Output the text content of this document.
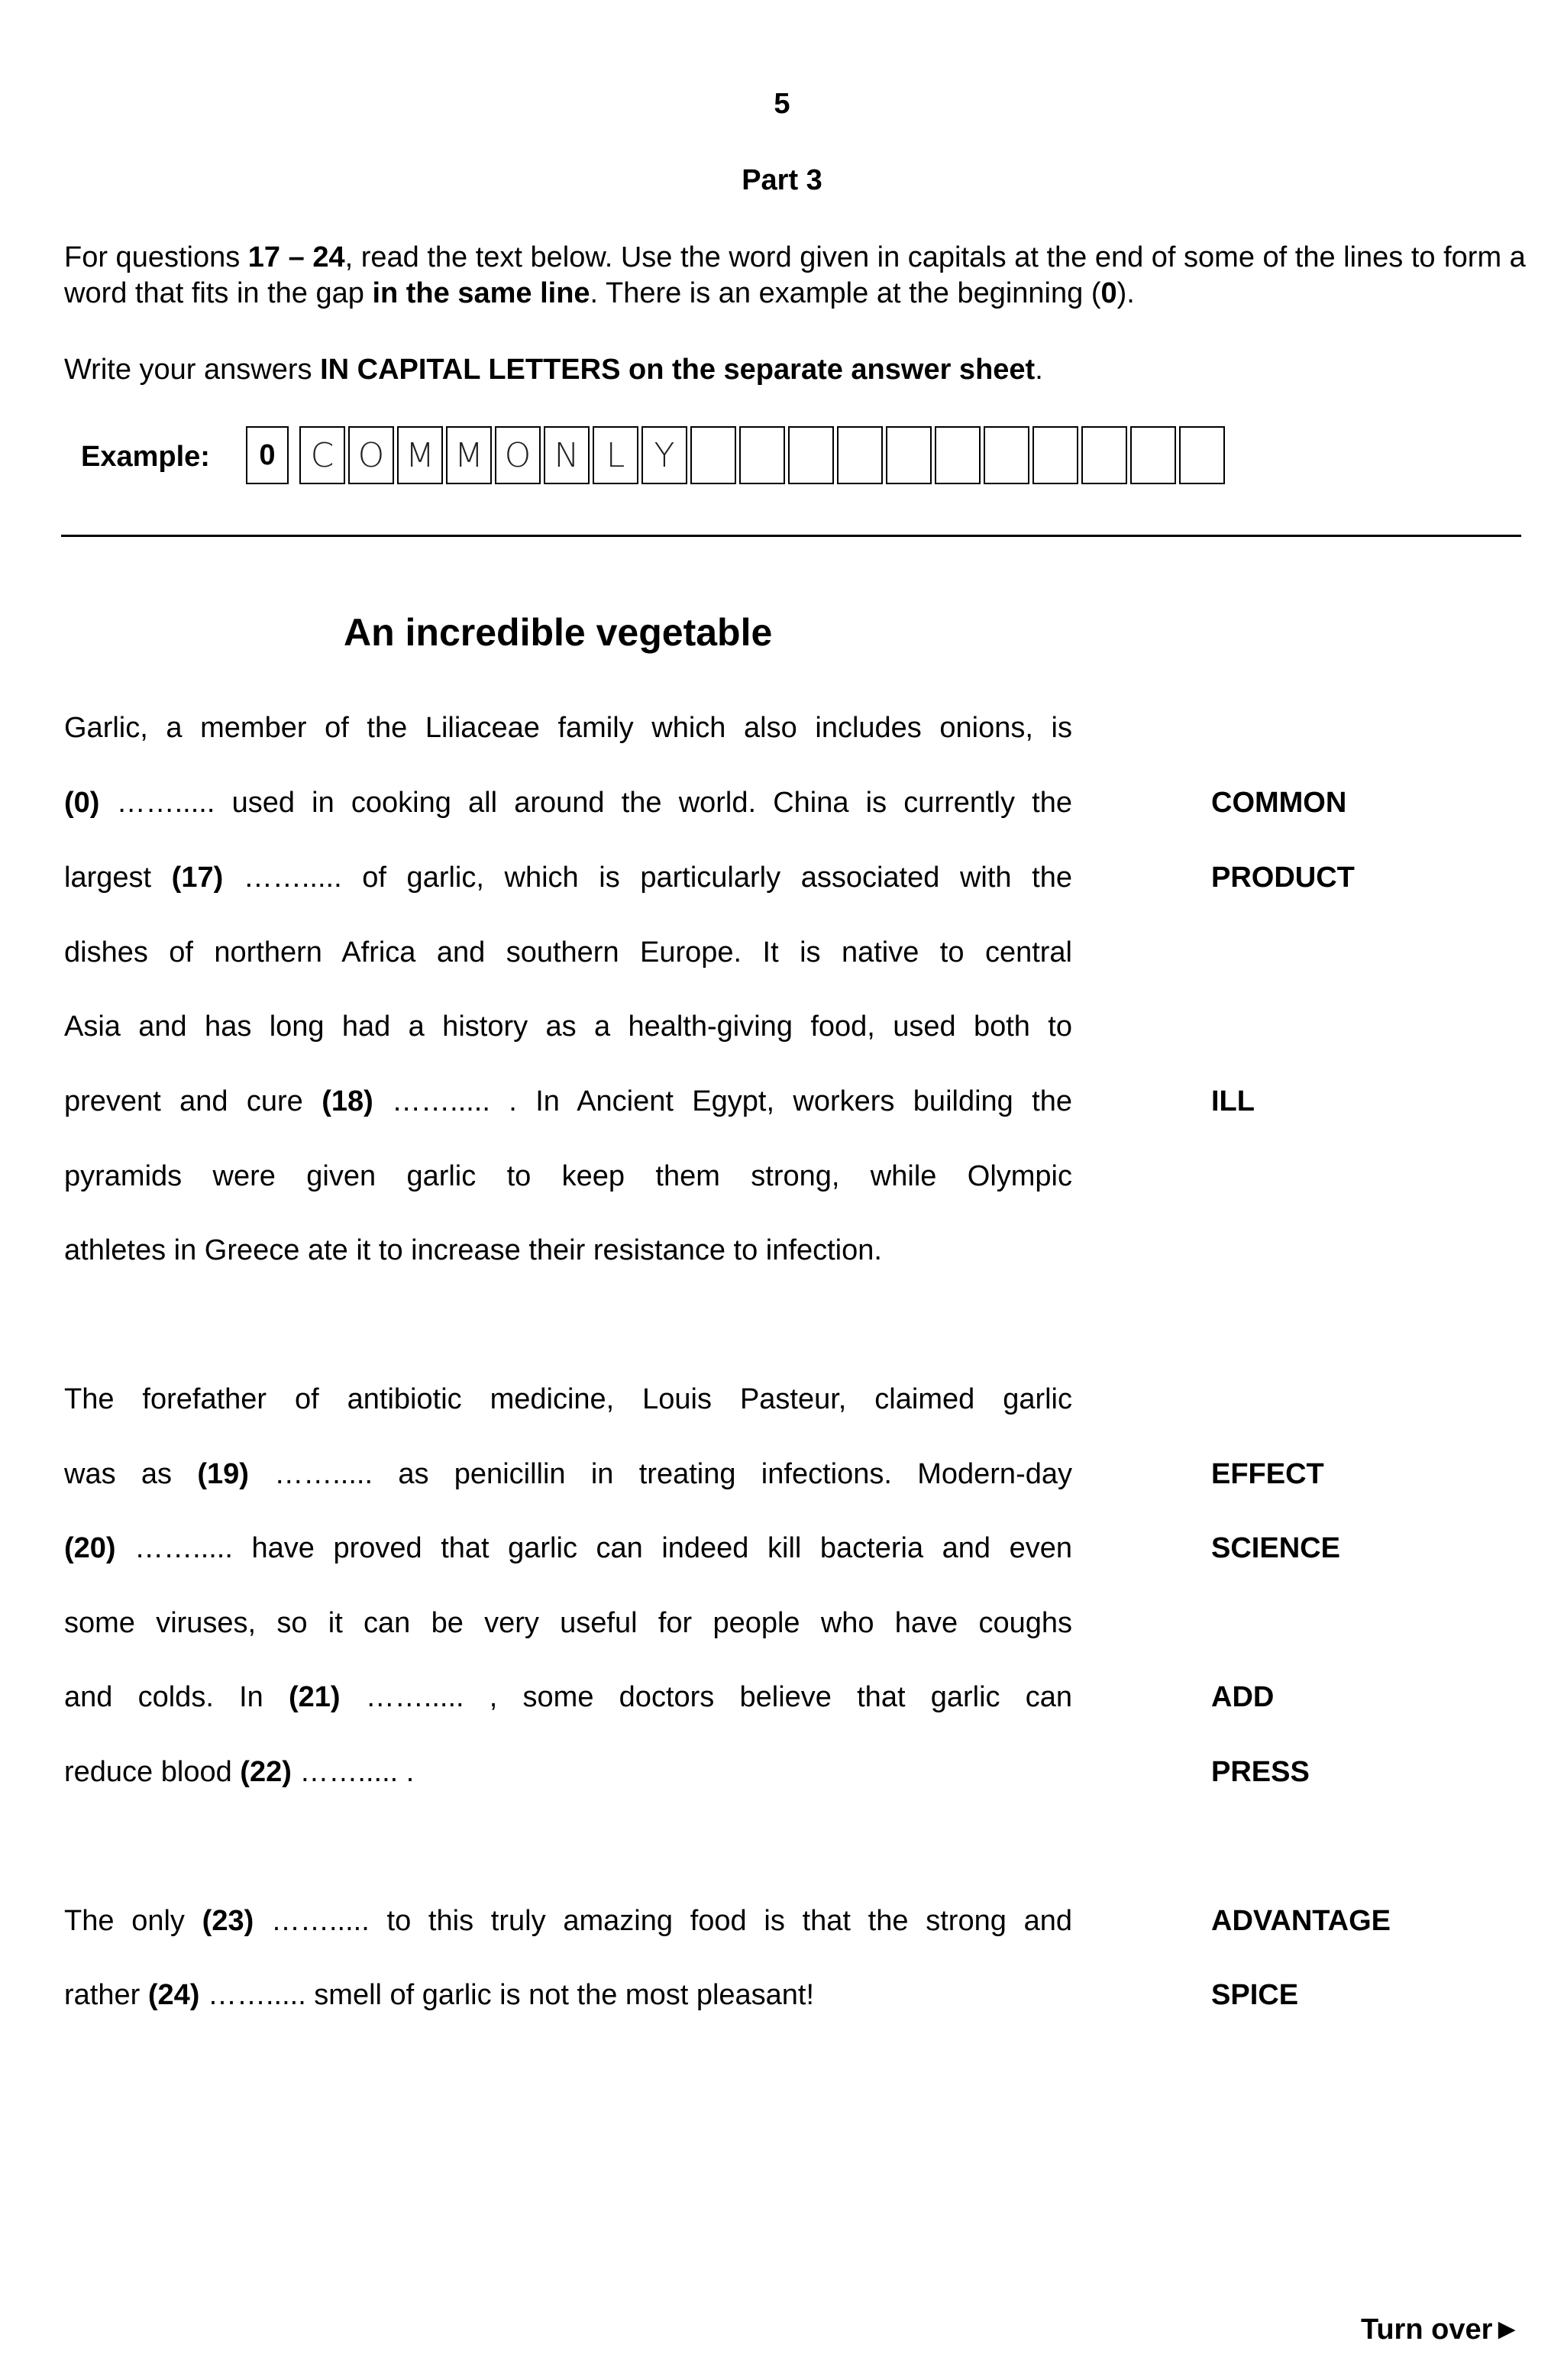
5
Part 3
For questions 17 – 24, read the text below. Use the word given in capitals at the end of some of the lines to form a word that fits in the gap in the same line. There is an example at the beginning (0).
Write your answers IN CAPITAL LETTERS on the separate answer sheet.
Example:	0	C O M M O N L Y
An incredible vegetable
Garlic, a member of the Liliaceae family which also includes onions, is
(0) ……..... used in cooking all around the world. China is currently the
largest (17) ……..... of garlic, which is particularly associated with the
dishes of northern Africa and southern Europe. It is native to central
Asia and has long had a history as a health-giving food, used both to
prevent and cure (18) ……..... . In Ancient Egypt, workers building the
pyramids were given garlic to keep them strong, while Olympic
athletes in Greece ate it to increase their resistance to infection.
The forefather of antibiotic medicine, Louis Pasteur, claimed garlic
was as (19) ……..... as penicillin in treating infections. Modern-day
(20) ……..... have proved that garlic can indeed kill bacteria and even
some viruses, so it can be very useful for people who have coughs
and colds. In (21) ……..... , some doctors believe that garlic can
reduce blood (22) ……..... .
The only (23) ……..... to this truly amazing food is that the strong and
rather (24) ……..... smell of garlic is not the most pleasant!
COMMON
PRODUCT
ILL
EFFECT
SCIENCE
ADD
PRESS
ADVANTAGE
SPICE
Turn over►
